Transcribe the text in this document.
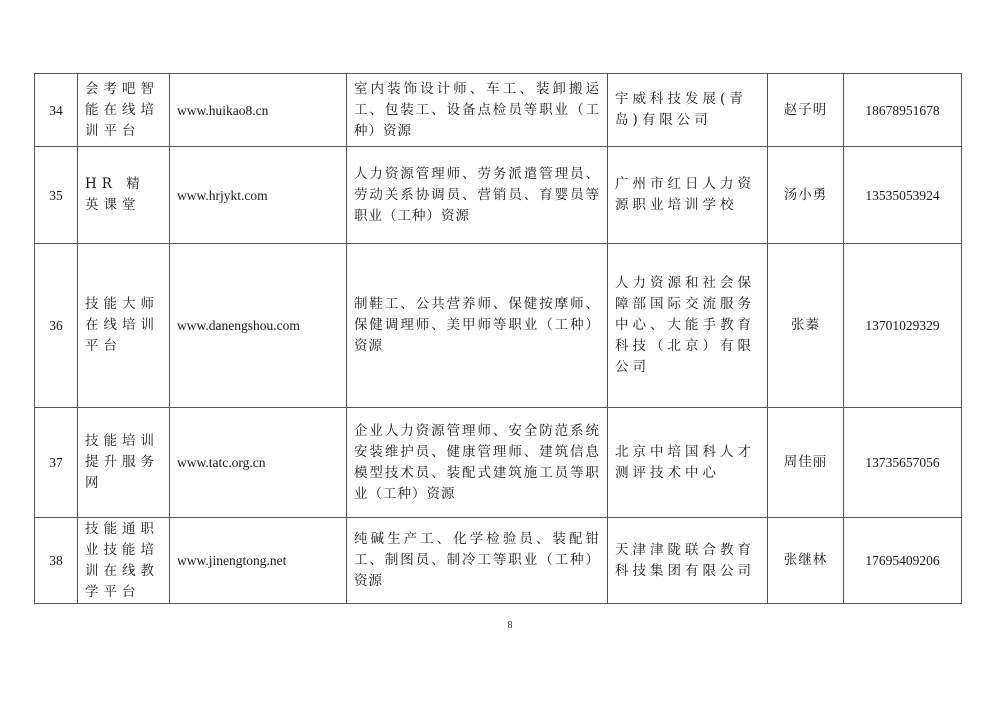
34	会考吧智能在线培训平台	www.huikao8.cn	室内装饰设计师、车工、装卸搬运工、包装工、设备点检员等职业（工种）资源	宇威科技发展(青岛)有限公司	赵子明	18678951678
35	HR 精英课堂	www.hrjykt.com	人力资源管理师、劳务派遣管理员、劳动关系协调员、营销员、育婴员等职业（工种）资源	广州市红日人力资源职业培训学校	汤小勇	13535053924
36	技能大师在线培训平台	www.danengshou.com	制鞋工、公共营养师、保健按摩师、保健调理师、美甲师等职业（工种）资源	人力资源和社会保障部国际交流服务中心、大能手教育科技（北京）有限公司	张蓁	13701029329
37	技能培训提升服务网	www.tatc.org.cn	企业人力资源管理师、安全防范系统安装维护员、健康管理师、建筑信息模型技术员、装配式建筑施工员等职业（工种）资源	北京中培国科人才测评技术中心	周佳丽	13735657056
38	技能通职业技能培训在线教学平台	www.jinengtong.net	纯碱生产工、化学检验员、装配钳工、制图员、制冷工等职业（工种）资源	天津津陇联合教育科技集团有限公司	张继林	17695409206
8
